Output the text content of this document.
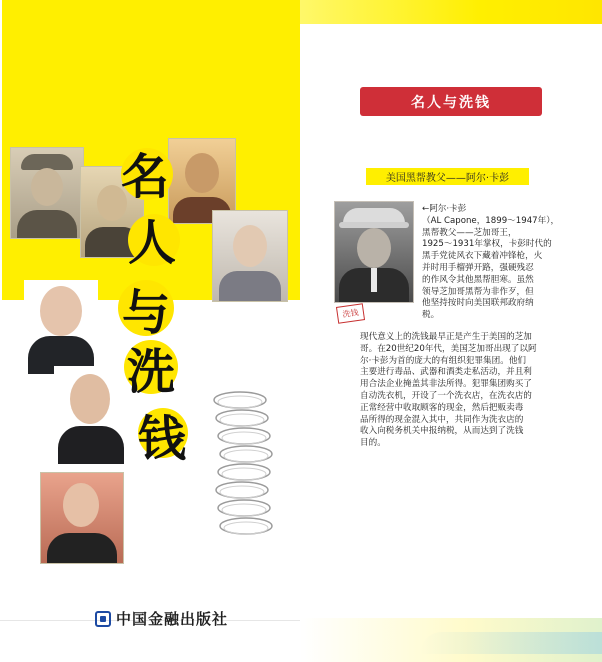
名
人
与
洗
钱
中国金融出版社
名人与洗钱
美国黑帮教父——阿尔·卡彭
洗钱
←阿尔·卡彭
（AL Capone，1899～1947年），
黑帮教父——芝加哥王，
1925～1931年掌权，卡彭时代的
黑手党徒风衣下藏着冲锋枪，火
并时用手榴弹开路，强硬残忍
的作风令其他黑帮胆寒。虽然
领导芝加哥黑帮为非作歹，但
他坚持按时向美国联邦政府纳
税。
现代意义上的洗钱最早正是产生于美国的芝加
哥。在20世纪20年代，美国芝加哥出现了以阿
尔·卡彭为首的庞大的有组织犯罪集团。他们
主要进行毒品、武器和酒类走私活动，并且利
用合法企业掩盖其非法所得。犯罪集团购买了
自动洗衣机，开设了一个洗衣店，在洗衣店的
正常经营中收取顾客的现金，然后把贩卖毒
品所得的现金混入其中，共同作为洗衣店的
收入向税务机关申报纳税，从而达到了洗钱
目的。
